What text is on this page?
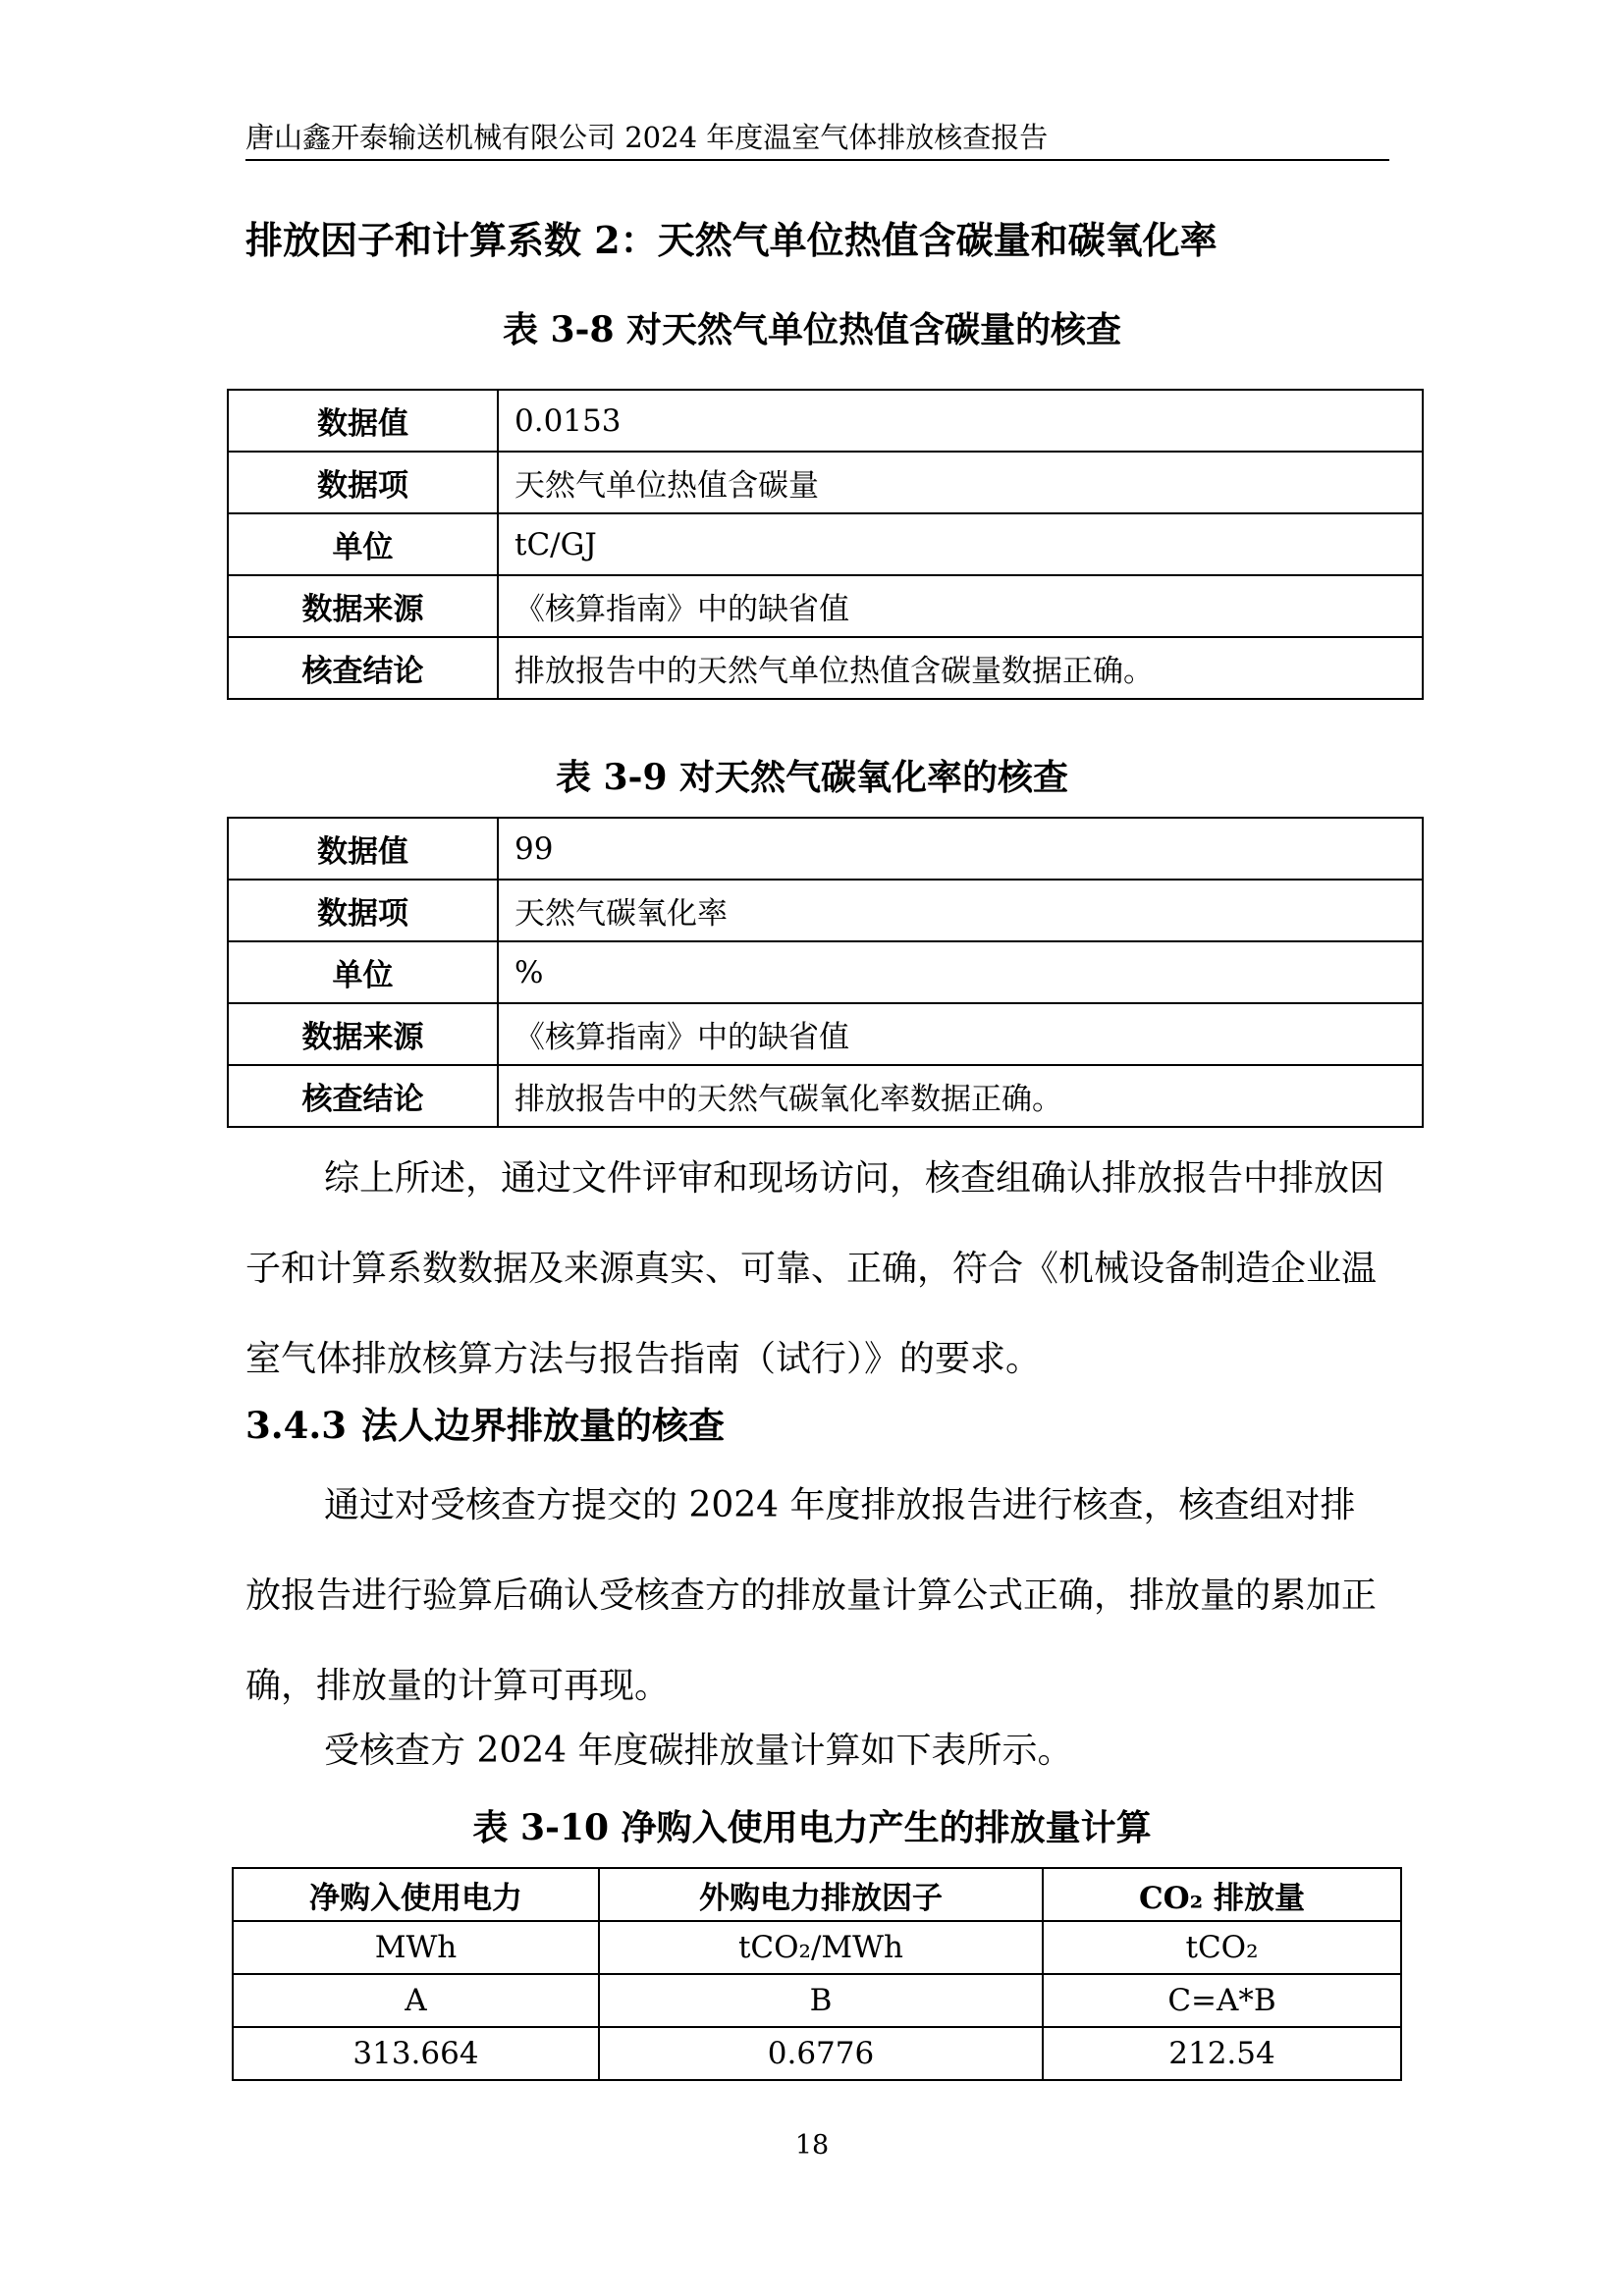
唐山鑫开泰输送机械有限公司 2024 年度温室气体排放核查报告
排放因子和计算系数 2：天然气单位热值含碳量和碳氧化率
表 3-8 对天然气单位热值含碳量的核查
数据值	0.0153
数据项	天然气单位热值含碳量
单位	tC/GJ
数据来源	《核算指南》中的缺省值
核查结论	排放报告中的天然气单位热值含碳量数据正确。
表 3-9 对天然气碳氧化率的核查
数据值	99
数据项	天然气碳氧化率
单位	%
数据来源	《核算指南》中的缺省值
核查结论	排放报告中的天然气碳氧化率数据正确。
综上所述，通过文件评审和现场访问，核查组确认排放报告中排放因子和计算系数数据及来源真实、可靠、正确，符合《机械设备制造企业温室气体排放核算方法与报告指南（试行）》的要求。
3.4.3 法人边界排放量的核查
通过对受核查方提交的 2024 年度排放报告进行核查，核查组对排放报告进行验算后确认受核查方的排放量计算公式正确，排放量的累加正确，排放量的计算可再现。
受核查方 2024 年度碳排放量计算如下表所示。
表 3-10 净购入使用电力产生的排放量计算
净购入使用电力	外购电力排放因子	CO₂ 排放量
MWh	tCO₂/MWh	tCO₂
A	B	C=A*B
313.664	0.6776	212.54
18
